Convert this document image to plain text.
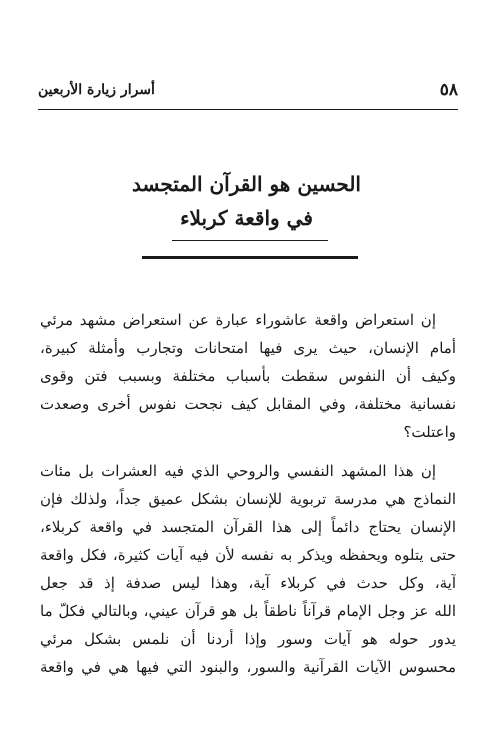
٥٨
أسرار زيارة الأربعين
الحسين هو القرآن المتجسد
في واقعة كربلاء
إن استعراض واقعة عاشوراء عبارة عن استعراض مشهد مرئي
أمام الإنسان، حيث يرى فيها امتحانات وتجارب وأمثلة كبيرة،
وكيف أن النفوس سقطت بأسباب مختلفة وبسبب فتن وقوى
نفسانية مختلفة، وفي المقابل كيف نجحت نفوس أخرى وصعدت
واعتلت؟
إن هذا المشهد النفسي والروحي الذي فيه العشرات بل مئات
النماذج هي مدرسة تربوية للإنسان بشكل عميق جداً، ولذلك فإن
الإنسان يحتاج دائماً إلى هذا القرآن المتجسد في واقعة كربلاء،
حتى يتلوه ويحفظه ويذكر به نفسه لأن فيه آيات كثيرة، فكل واقعة
آية، وكل حدث في كربلاء آية، وهذا ليس صدفة إذ قد جعل
الله عز وجل الإمام قرآناً ناطقاً بل هو قرآن عيني، وبالتالي فكلّ ما
يدور حوله هو آيات وسور وإذا أردنا أن نلمس بشكل مرئي
محسوس الآيات القرآنية والسور، والبنود التي فيها هي في واقعة
